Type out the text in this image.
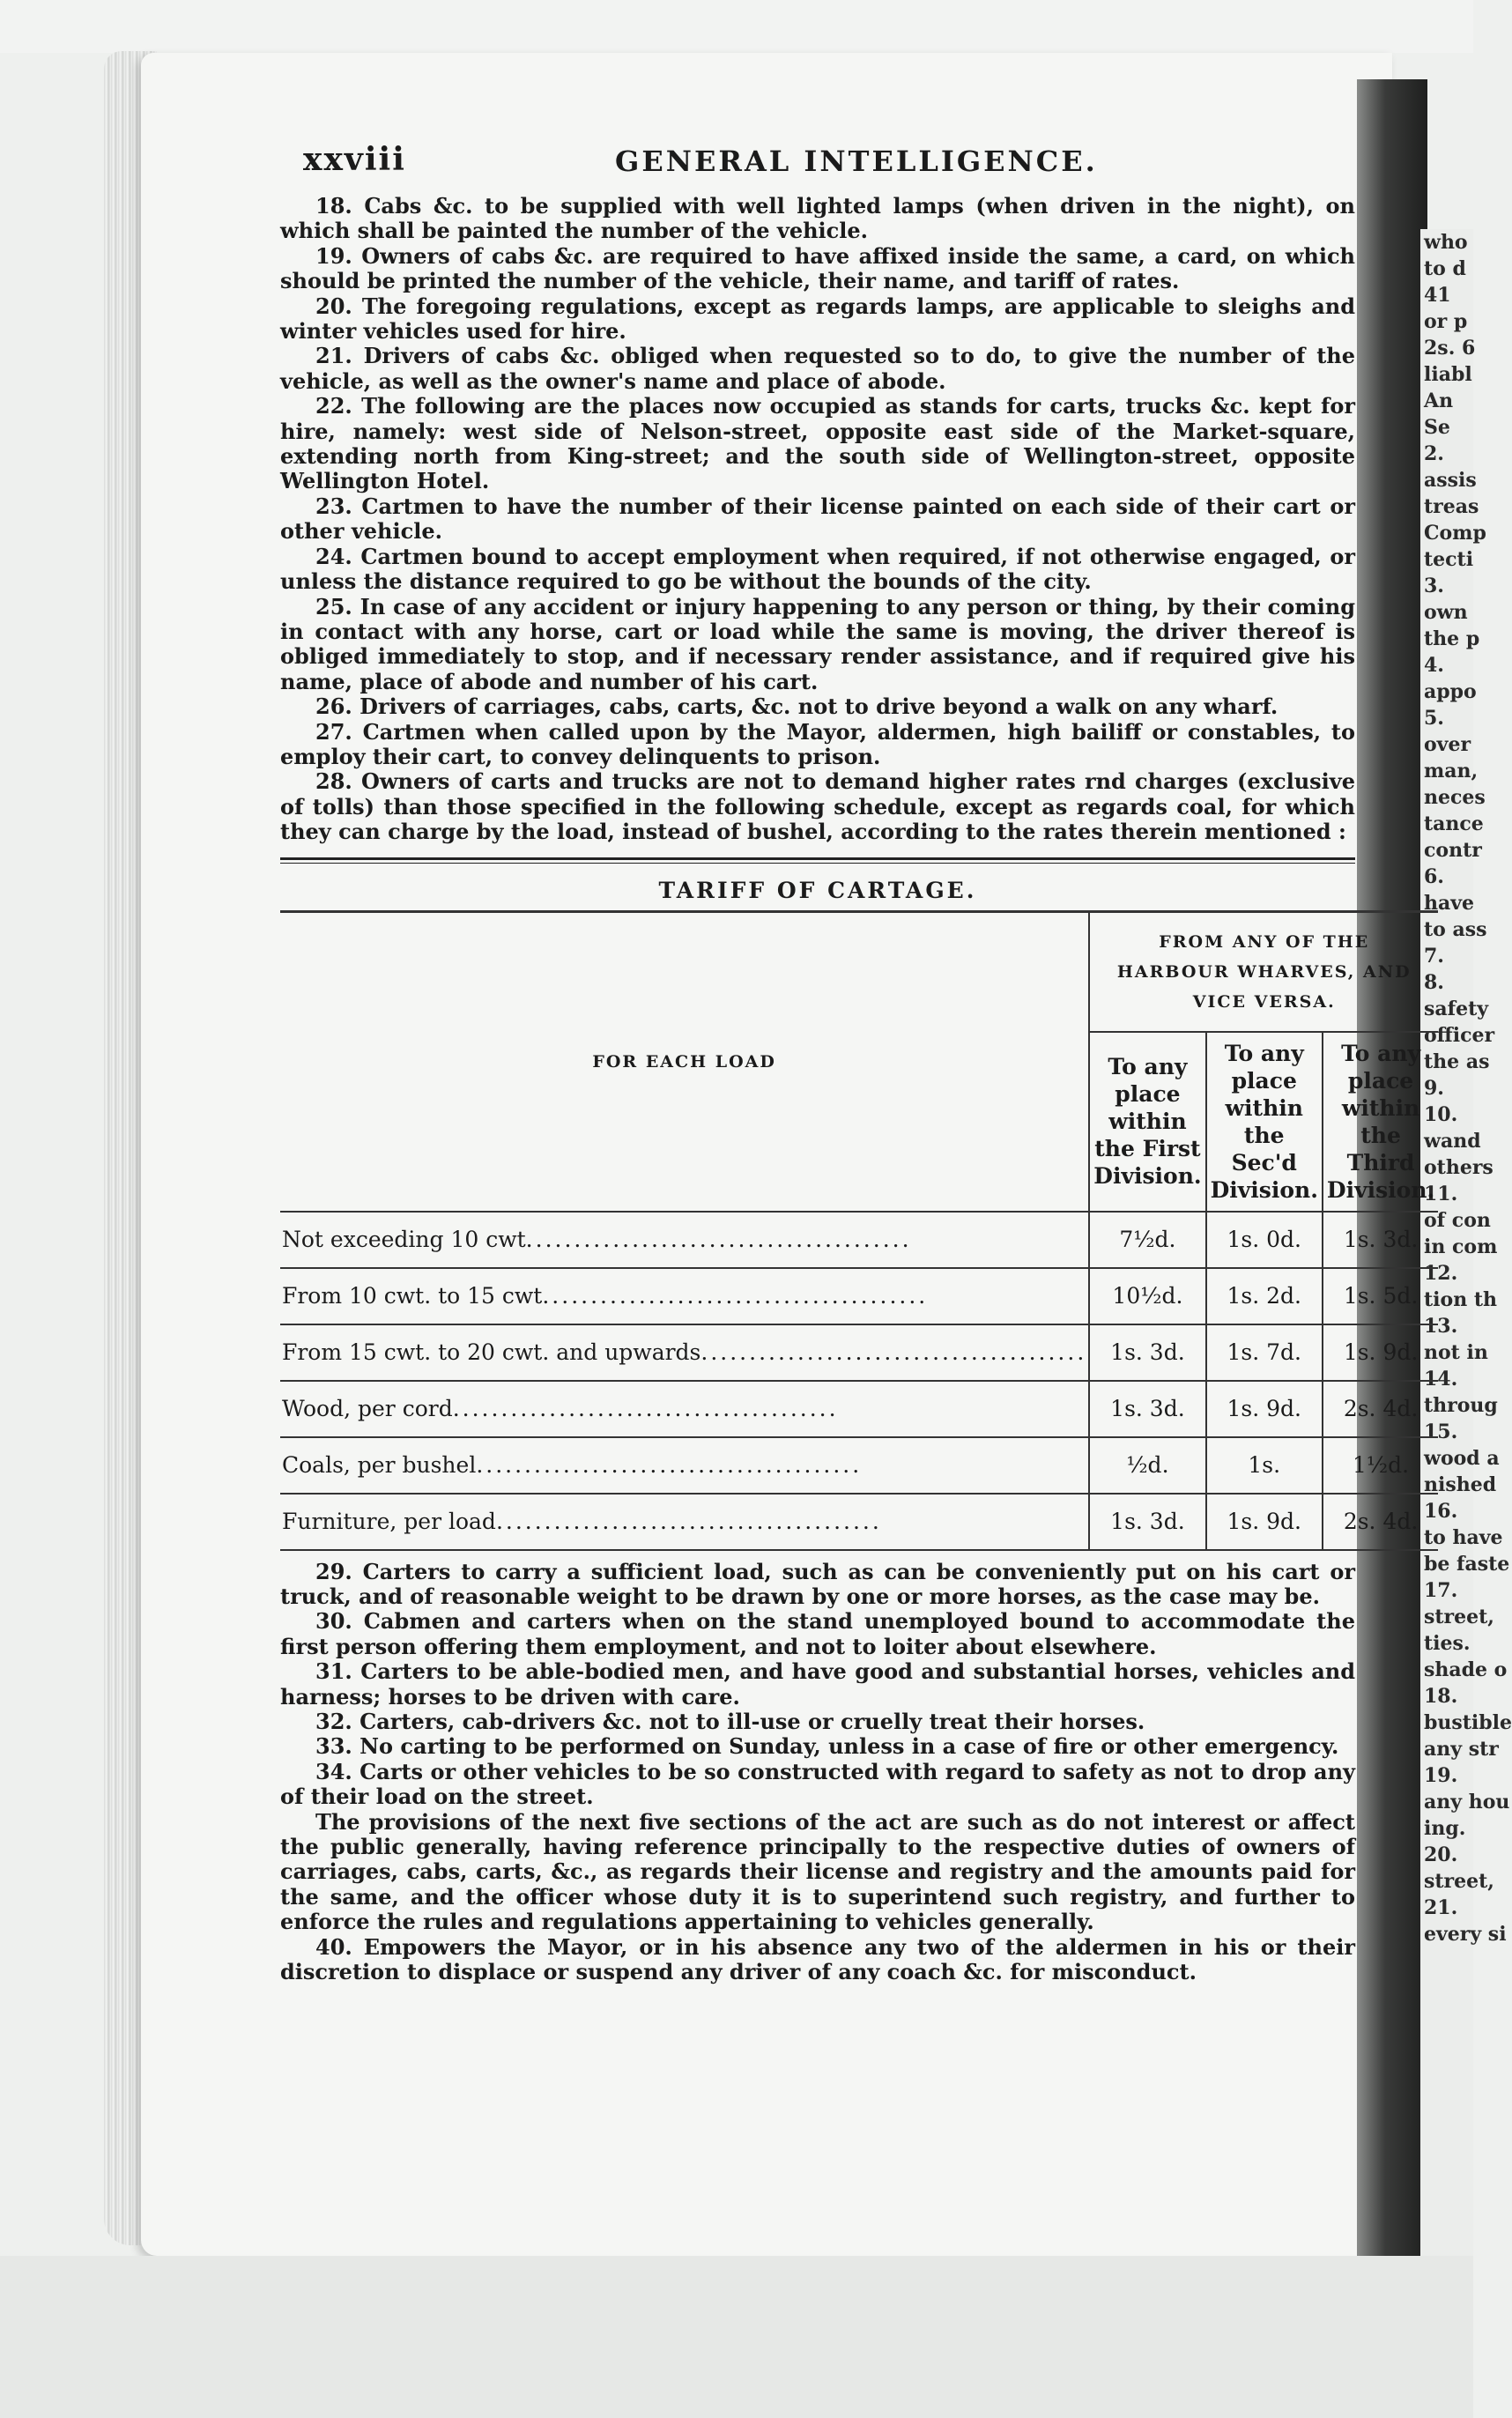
who
to d
41
or p
2s. 6
liabl
An
Se
2.
assis
treas
Comp
tecti
3.
own
the p
4.
appo
5.
over
man,
neces
tance
contr
6.
have
to ass
7.
8.
safety
officer
the as
9.
10.
wand
others
11.
of con
in com
12.
tion th
13.
not in
14.
throug
15.
wood a
nished
16.
to have
be faste
17.
street,
ties.
shade o
18.
bustible
any str
19.
any hou
ing.
20.
street,
21.
every si
xxviii	GENERAL INTELLIGENCE.

18. Cabs &c. to be supplied with well lighted lamps (when driven in the night), on which shall be painted the number of the vehicle.

19. Owners of cabs &c. are required to have affixed inside the same, a card, on which should be printed the number of the vehicle, their name, and tariff of rates.

20. The foregoing regulations, except as regards lamps, are applicable to sleighs and winter vehicles used for hire.

21. Drivers of cabs &c. obliged when requested so to do, to give the number of the vehicle, as well as the owner's name and place of abode.

22. The following are the places now occupied as stands for carts, trucks &c. kept for hire, namely: west side of Nelson-street, opposite east side of the Market-square, extending north from King-street; and the south side of Wellington-street, opposite Wellington Hotel.

23. Cartmen to have the number of their license painted on each side of their cart or other vehicle.

24. Cartmen bound to accept employment when required, if not otherwise engaged, or unless the distance required to go be without the bounds of the city.

25. In case of any accident or injury happening to any person or thing, by their coming in contact with any horse, cart or load while the same is moving, the driver thereof is obliged immediately to stop, and if necessary render assistance, and if required give his name, place of abode and number of his cart.

26. Drivers of carriages, cabs, carts, &c. not to drive beyond a walk on any wharf.

27. Cartmen when called upon by the Mayor, aldermen, high bailiff or constables, to employ their cart, to convey delinquents to prison.

28. Owners of carts and trucks are not to demand higher rates rnd charges (exclusive of tolls) than those specified in the following schedule, except as regards coal, for which they can charge by the load, instead of bushel, according to the rates therein mentioned :

TARIFF OF CARTAGE.
FOR EACH LOAD	FROM ANY OF THE HARBOUR WHARVES, AND VICE VERSA.		
	To any place within the First Division.	To any place within the Sec'd Division.	To any place within the Third Division.
Not exceeding 10 cwt........................................	7½d.	1s. 0d.	1s. 3d.
From 10 cwt. to 15 cwt........................................	10½d.	1s. 2d.	1s. 5d.
From 15 cwt. to 20 cwt. and upwards........................................	1s. 3d.	1s. 7d.	1s. 9d.
Wood, per cord........................................	1s. 3d.	1s. 9d.	2s. 4d.
Coals, per bushel........................................	½d.	1s.	1½d.
Furniture, per load........................................	1s. 3d.	1s. 9d.	2s. 4d.

29. Carters to carry a sufficient load, such as can be conveniently put on his cart or truck, and of reasonable weight to be drawn by one or more horses, as the case may be.

30. Cabmen and carters when on the stand unemployed bound to accommodate the first person offering them employment, and not to loiter about elsewhere.

31. Carters to be able-bodied men, and have good and substantial horses, vehicles and harness; horses to be driven with care.

32. Carters, cab-drivers &c. not to ill-use or cruelly treat their horses.

33. No carting to be performed on Sunday, unless in a case of fire or other emergency.

34. Carts or other vehicles to be so constructed with regard to safety as not to drop any of their load on the street.

The provisions of the next five sections of the act are such as do not interest or affect the public generally, having reference principally to the respective duties of owners of carriages, cabs, carts, &c., as regards their license and registry and the amounts paid for the same, and the officer whose duty it is to superintend such registry, and further to enforce the rules and regulations appertaining to vehicles generally.

40. Empowers the Mayor, or in his absence any two of the aldermen in his or their discretion to displace or suspend any driver of any coach &c. for misconduct.
